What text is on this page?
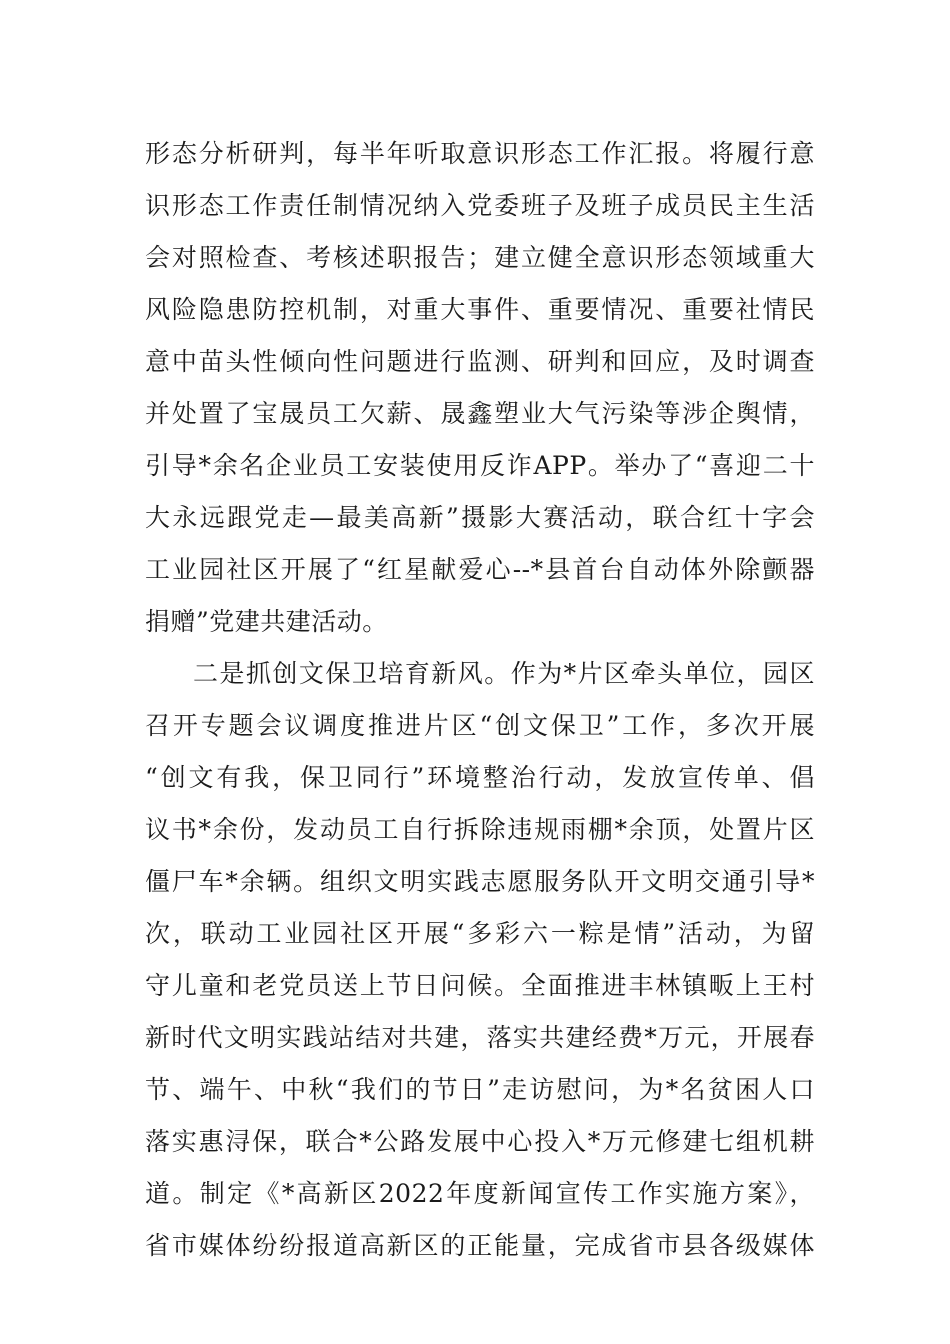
形态分析研判，每半年听取意识形态工作汇报。将履行意
识形态工作责任制情况纳入党委班子及班子成员民主生活
会对照检查、考核述职报告；建立健全意识形态领域重大
风险隐患防控机制，对重大事件、重要情况、重要社情民
意中苗头性倾向性问题进行监测、研判和回应，及时调查
并处置了宝晟员工欠薪、晟鑫塑业大气污染等涉企舆情，
引导*余名企业员工安装使用反诈APP。举办了“喜迎二十
大永远跟党走—最美高新”摄影大赛活动，联合红十字会
工业园社区开展了“红星献爱心--*县首台自动体外除颤器
捐赠”党建共建活动。
二是抓创文保卫培育新风。作为*片区牵头单位，园区
召开专题会议调度推进片区“创文保卫”工作，多次开展
“创文有我，保卫同行”环境整治行动，发放宣传单、倡
议书*余份，发动员工自行拆除违规雨棚*余顶，处置片区
僵尸车*余辆。组织文明实践志愿服务队开文明交通引导*
次，联动工业园社区开展“多彩六一粽是情”活动，为留
守儿童和老党员送上节日问候。全面推进丰林镇畈上王村
新时代文明实践站结对共建，落实共建经费*万元，开展春
节、端午、中秋“我们的节日”走访慰问，为*名贫困人口
落实惠浔保，联合*公路发展中心投入*万元修建七组机耕
道。制定《*高新区2022年度新闻宣传工作实施方案》，
省市媒体纷纷报道高新区的正能量，完成省市县各级媒体
